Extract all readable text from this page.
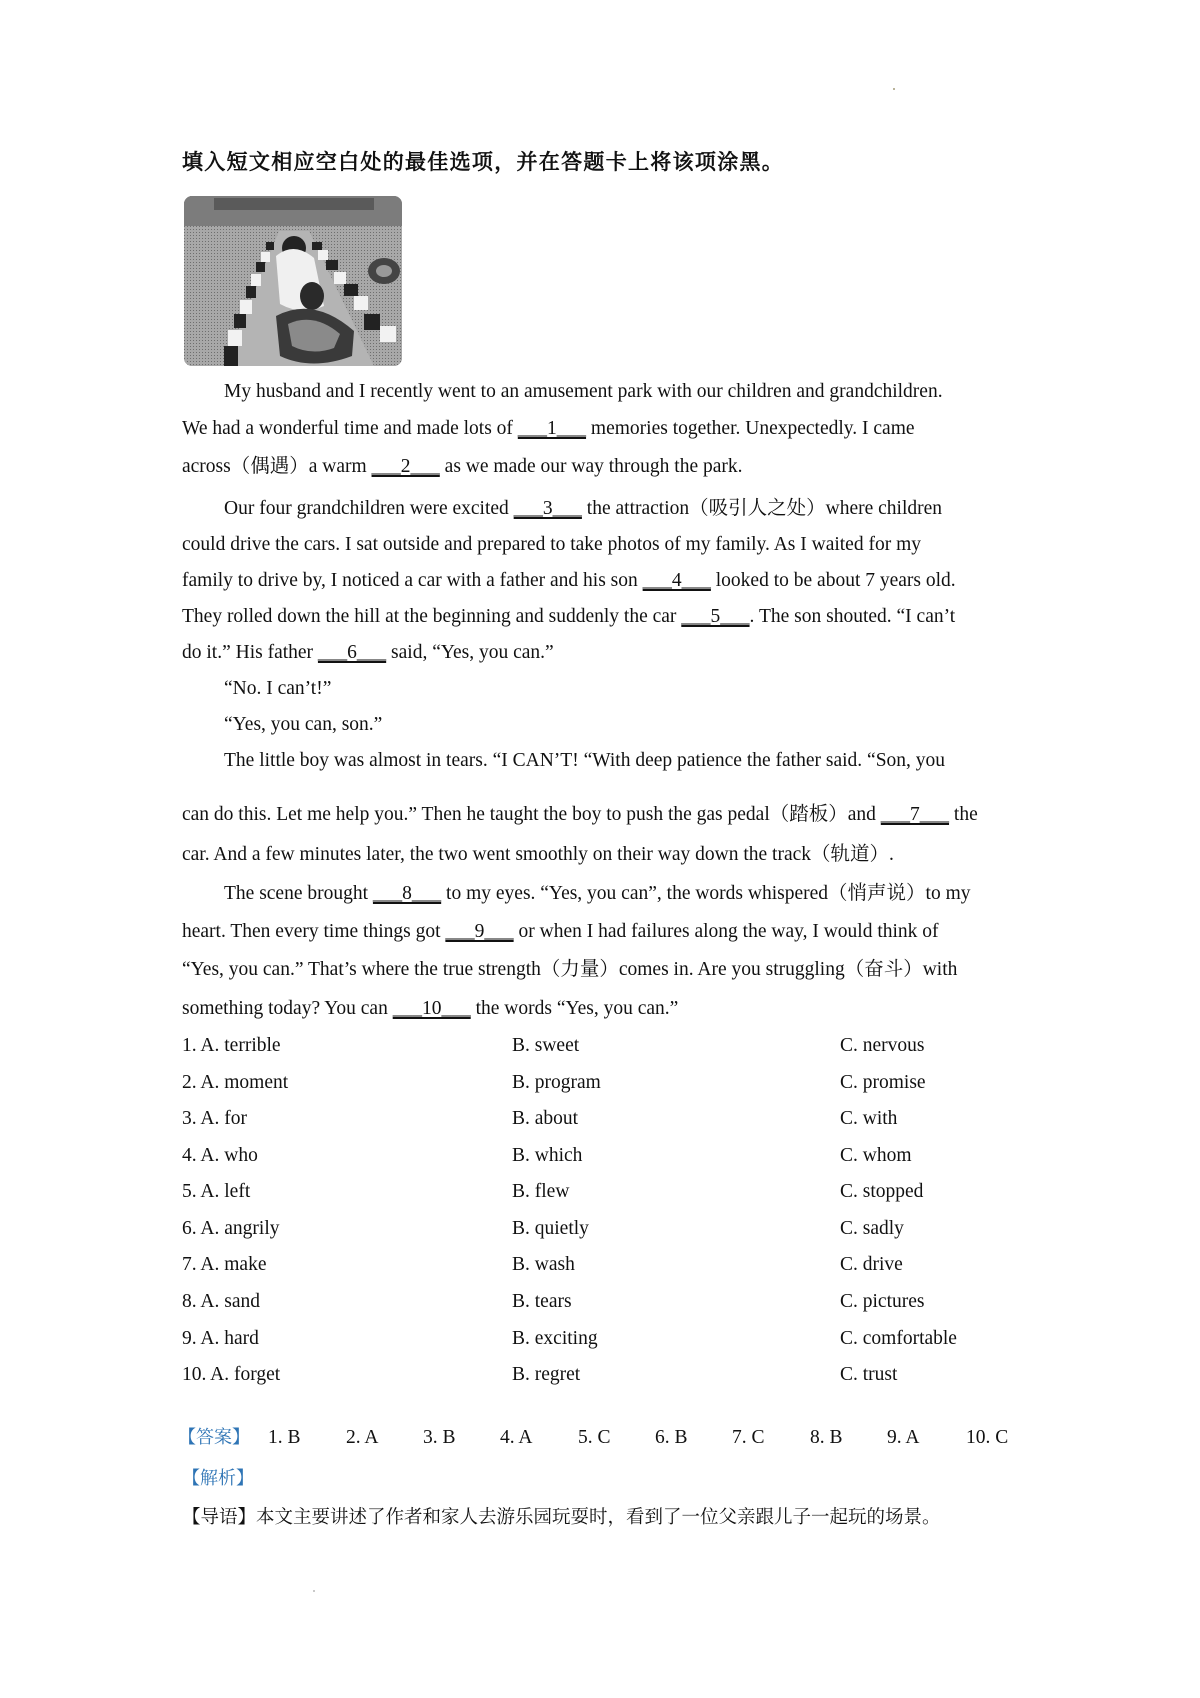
填入短文相应空白处的最佳选项，并在答题卡上将该项涂黑。
My husband and I recently went to an amusement park with our children and grandchildren.
We had a wonderful time and made lots of ___1___ memories together. Unexpectedly. I came
across（偶遇）a warm ___2___ as we made our way through the park.
Our four grandchildren were excited ___3___ the attraction（吸引人之处）where children
could drive the cars. I sat outside and prepared to take photos of my family. As I waited for my
family to drive by, I noticed a car with a father and his son ___4___ looked to be about 7 years old.
They rolled down the hill at the beginning and suddenly the car ___5___. The son shouted. “I can’t
do it.” His father ___6___ said, “Yes, you can.”
“No. I can’t!”
“Yes, you can, son.”
The little boy was almost in tears. “I CAN’T! “With deep patience the father said. “Son, you
can do this. Let me help you.” Then he taught the boy to push the gas pedal（踏板）and ___7___ the
car. And a few minutes later, the two went smoothly on their way down the track（轨道）.
The scene brought ___8___ to my eyes. “Yes, you can”, the words whispered（悄声说）to my
heart. Then every time things got ___9___ or when I had failures along the way, I would think of
“Yes, you can.” That’s where the true strength（力量）comes in. Are you struggling（奋斗）with
something today? You can ___10___ the words “Yes, you can.”
1. A. terrible	B. sweet	C. nervous
2. A. moment	B. program	C. promise
3. A. for	B. about	C. with
4. A. who	B. which	C. whom
5. A. left	B. flew	C. stopped
6. A. angrily	B. quietly	C. sadly
7. A. make	B. wash	C. drive
8. A. sand	B. tears	C. pictures
9. A. hard	B. exciting	C. comfortable
10. A. forget	B. regret	C. trust
【答案】 1. B 2. A 3. B 4. A 5. C 6. B 7. C 8. B 9. A 10. C
【解析】
【导语】本文主要讲述了作者和家人去游乐园玩耍时，看到了一位父亲跟儿子一起玩的场景。
